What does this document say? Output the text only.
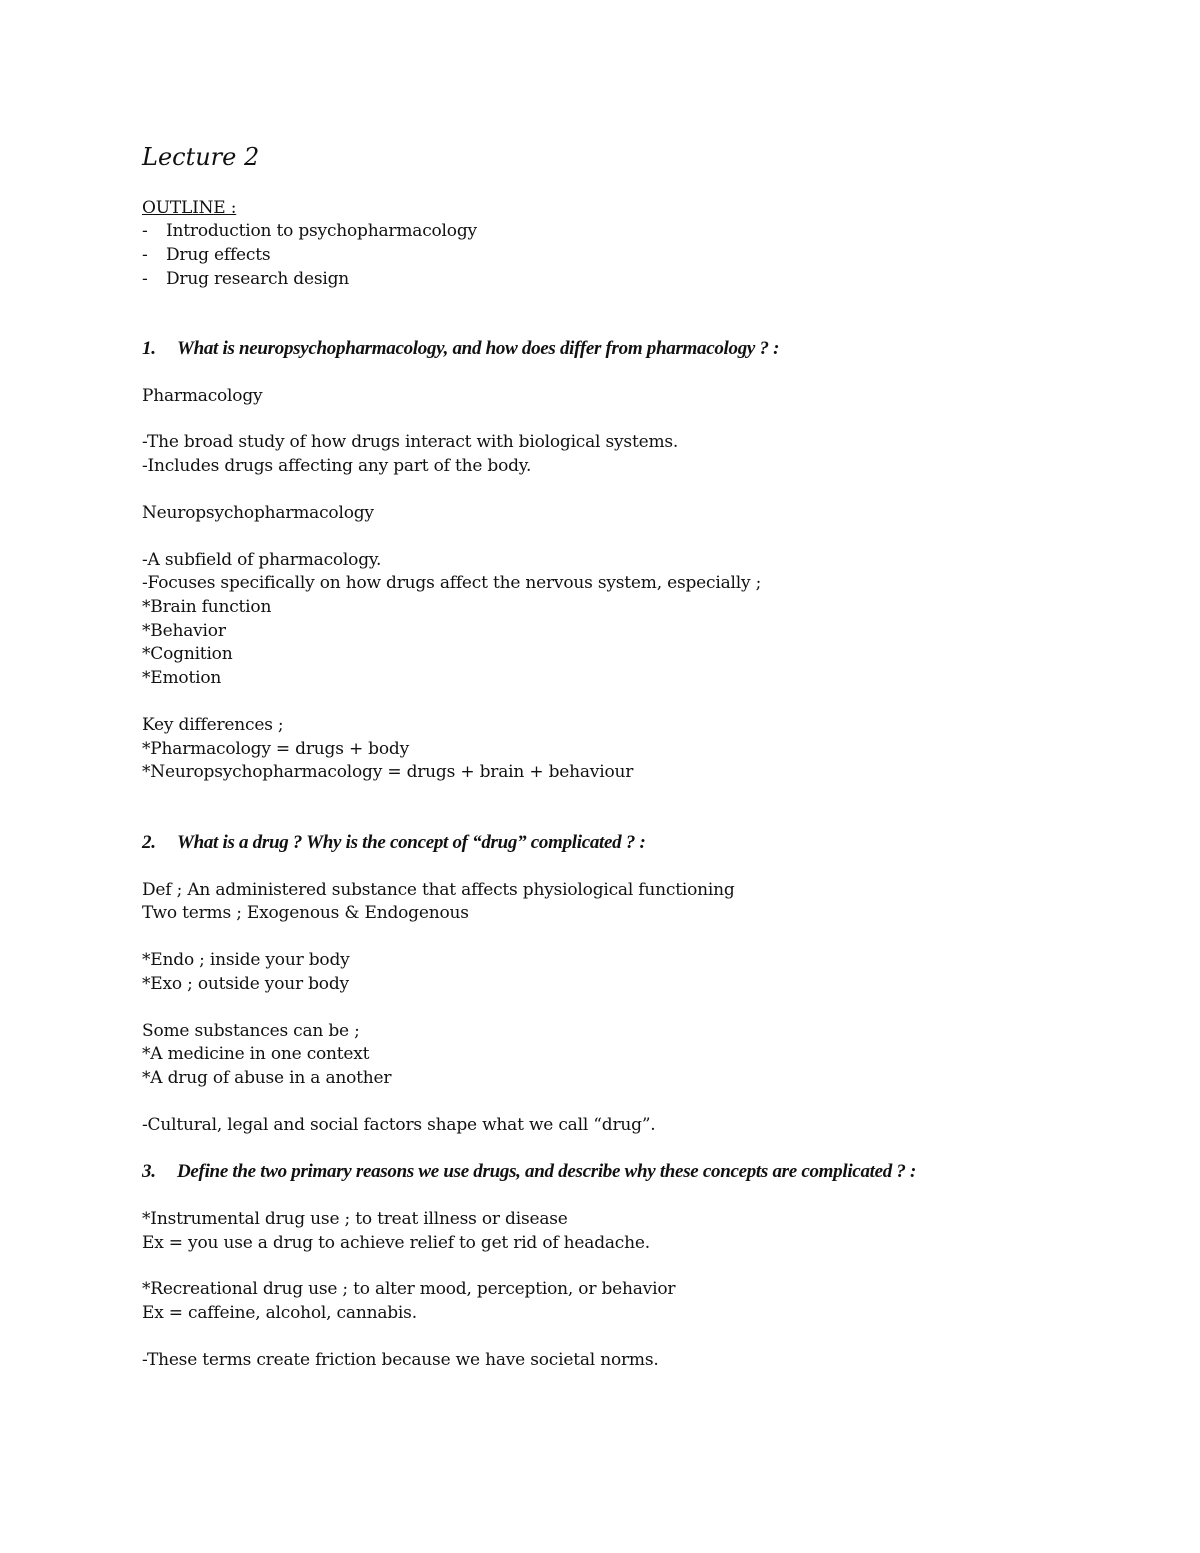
Lecture 2
OUTLINE :
- Introduction to psychopharmacology
- Drug effects
- Drug research design
1. What is neuropsychopharmacology, and how does differ from pharmacology ? :
Pharmacology
-The broad study of how drugs interact with biological systems.
-Includes drugs affecting any part of the body.
Neuropsychopharmacology
-A subfield of pharmacology.
-Focuses specifically on how drugs affect the nervous system, especially ;
*Brain function
*Behavior
*Cognition
*Emotion
Key differences ;
*Pharmacology = drugs + body
*Neuropsychopharmacology = drugs + brain + behaviour
2. What is a drug ? Why is the concept of “drug” complicated ? :
Def ; An administered substance that affects physiological functioning
Two terms ; Exogenous & Endogenous
*Endo ; inside your body
*Exo ; outside your body
Some substances can be ;
*A medicine in one context
*A drug of abuse in a another
-Cultural, legal and social factors shape what we call “drug”.
3. Define the two primary reasons we use drugs, and describe why these concepts are complicated ? :
*Instrumental drug use ; to treat illness or disease
Ex = you use a drug to achieve relief to get rid of headache.
*Recreational drug use ; to alter mood, perception, or behavior
Ex = caffeine, alcohol, cannabis.
-These terms create friction because we have societal norms.
